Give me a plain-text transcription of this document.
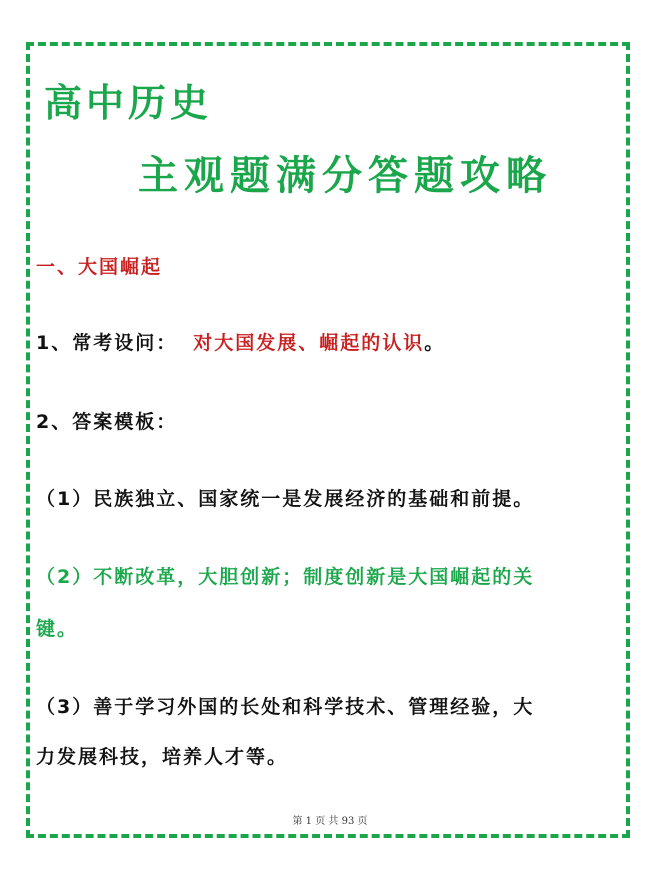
高中历史
主观题满分答题攻略
一、大国崛起
1、常考设问： 对大国发展、崛起的认识。
2、答案模板：
（1）民族独立、国家统一是发展经济的基础和前提。
（2）不断改革，大胆创新；制度创新是大国崛起的关
键。
（3）善于学习外国的长处和科学技术、管理经验，大
力发展科技，培养人才等。
第 1 页 共 93 页
